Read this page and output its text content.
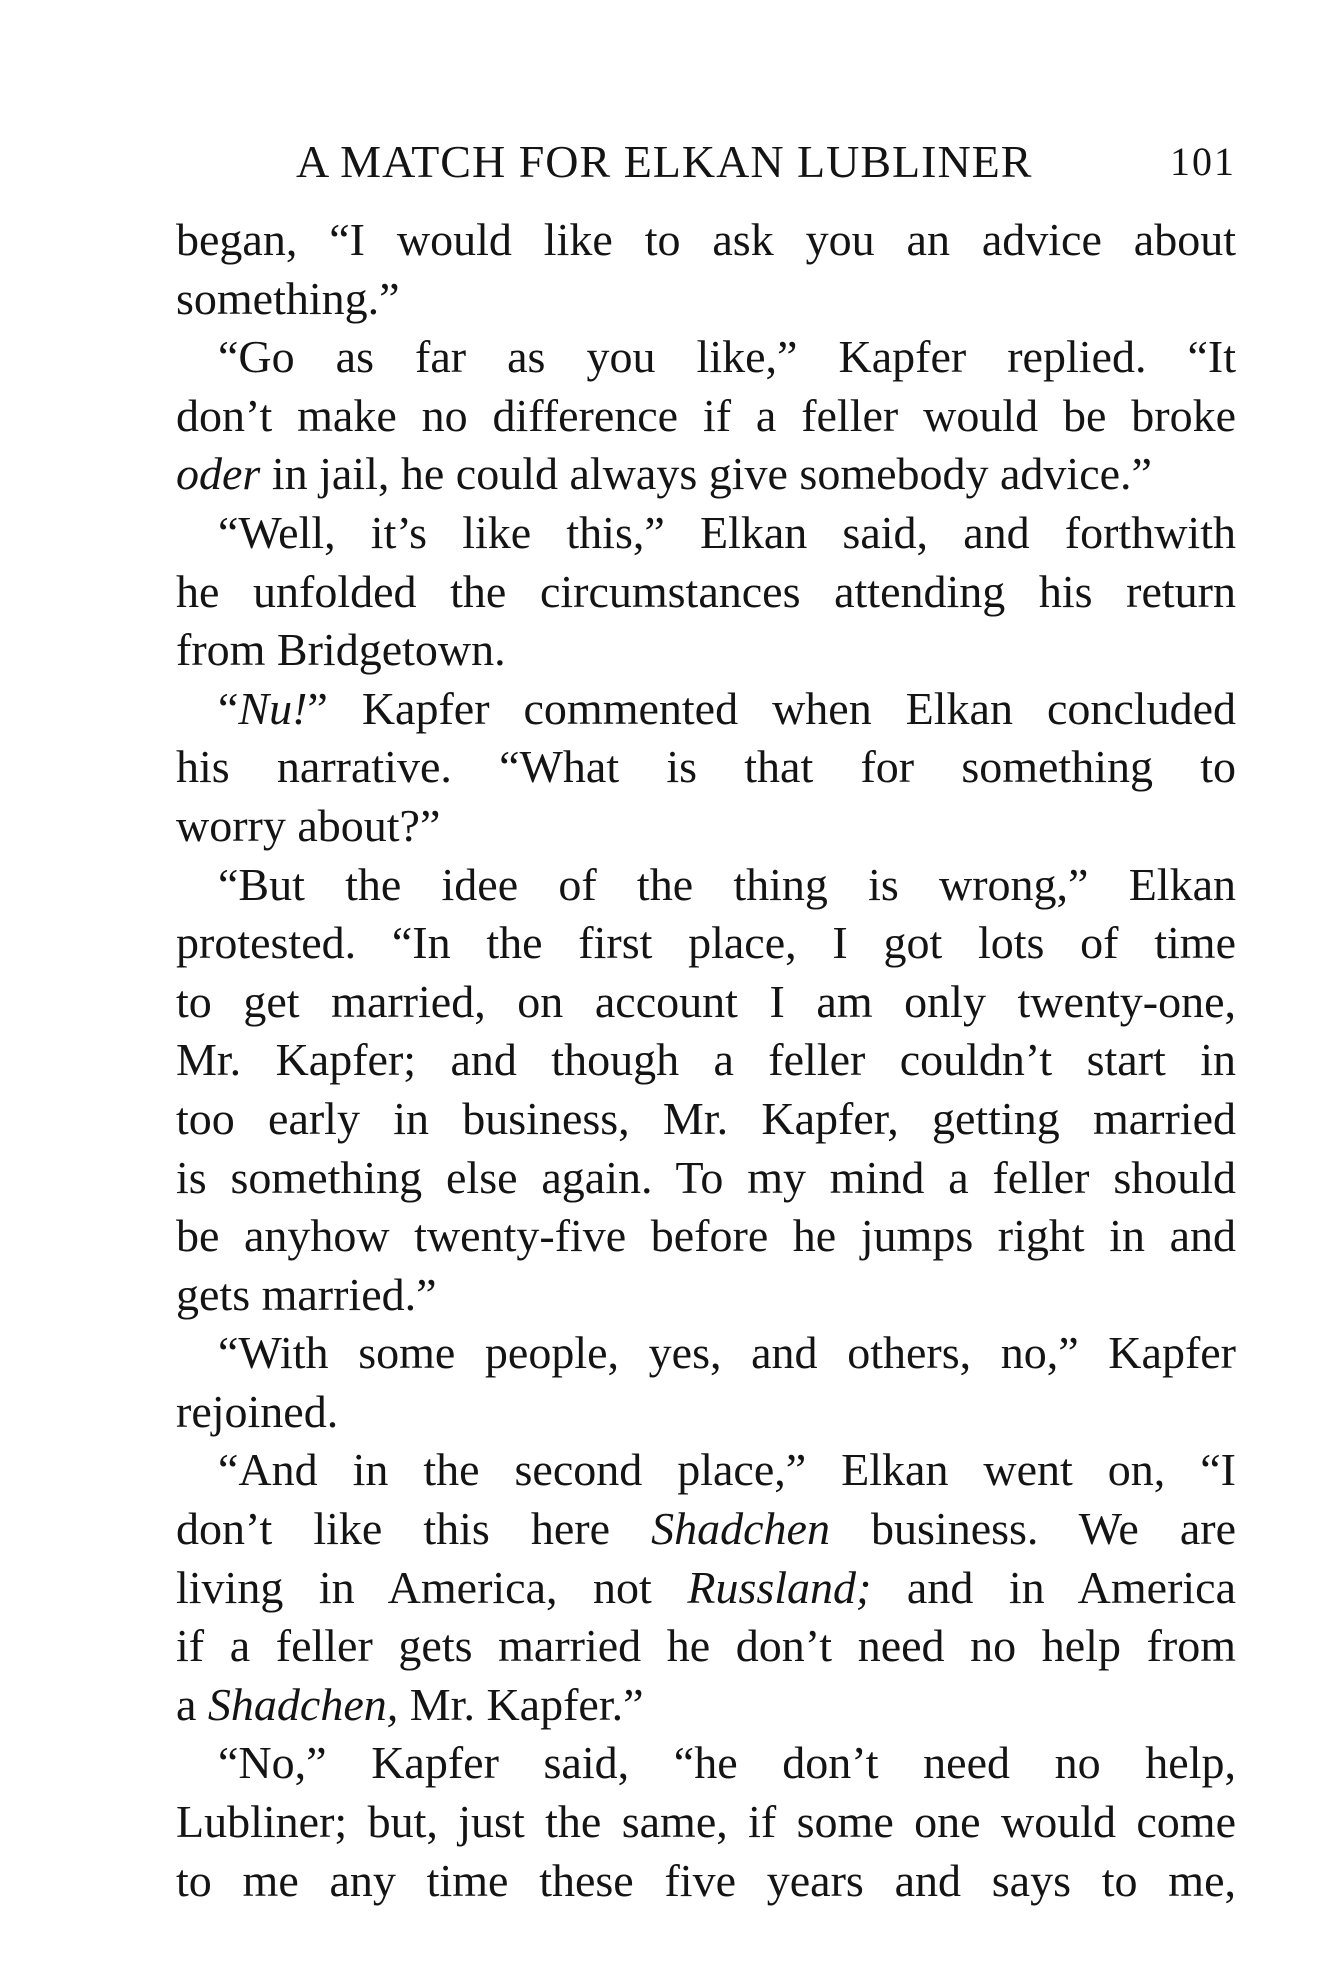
A MATCH FOR ELKAN LUBLINER	101
began, “I would like to ask you an advice about
something.”
“Go as far as you like,” Kapfer replied. “It
don’t make no difference if a feller would be broke
oder in jail, he could always give somebody advice.”
“Well, it’s like this,” Elkan said, and forthwith
he unfolded the circumstances attending his return
from Bridgetown.
“Nu!” Kapfer commented when Elkan concluded
his narrative. “What is that for something to
worry about?”
“But the idee of the thing is wrong,” Elkan
protested. “In the first place, I got lots of time
to get married, on account I am only twenty-one,
Mr. Kapfer; and though a feller couldn’t start in
too early in business, Mr. Kapfer, getting married
is something else again. To my mind a feller should
be anyhow twenty-five before he jumps right in and
gets married.”
“With some people, yes, and others, no,” Kapfer
rejoined.
“And in the second place,” Elkan went on, “I
don’t like this here Shadchen business. We are
living in America, not Russland; and in America
if a feller gets married he don’t need no help from
a Shadchen, Mr. Kapfer.”
“No,” Kapfer said, “he don’t need no help,
Lubliner; but, just the same, if some one would come
to me any time these five years and says to me,
